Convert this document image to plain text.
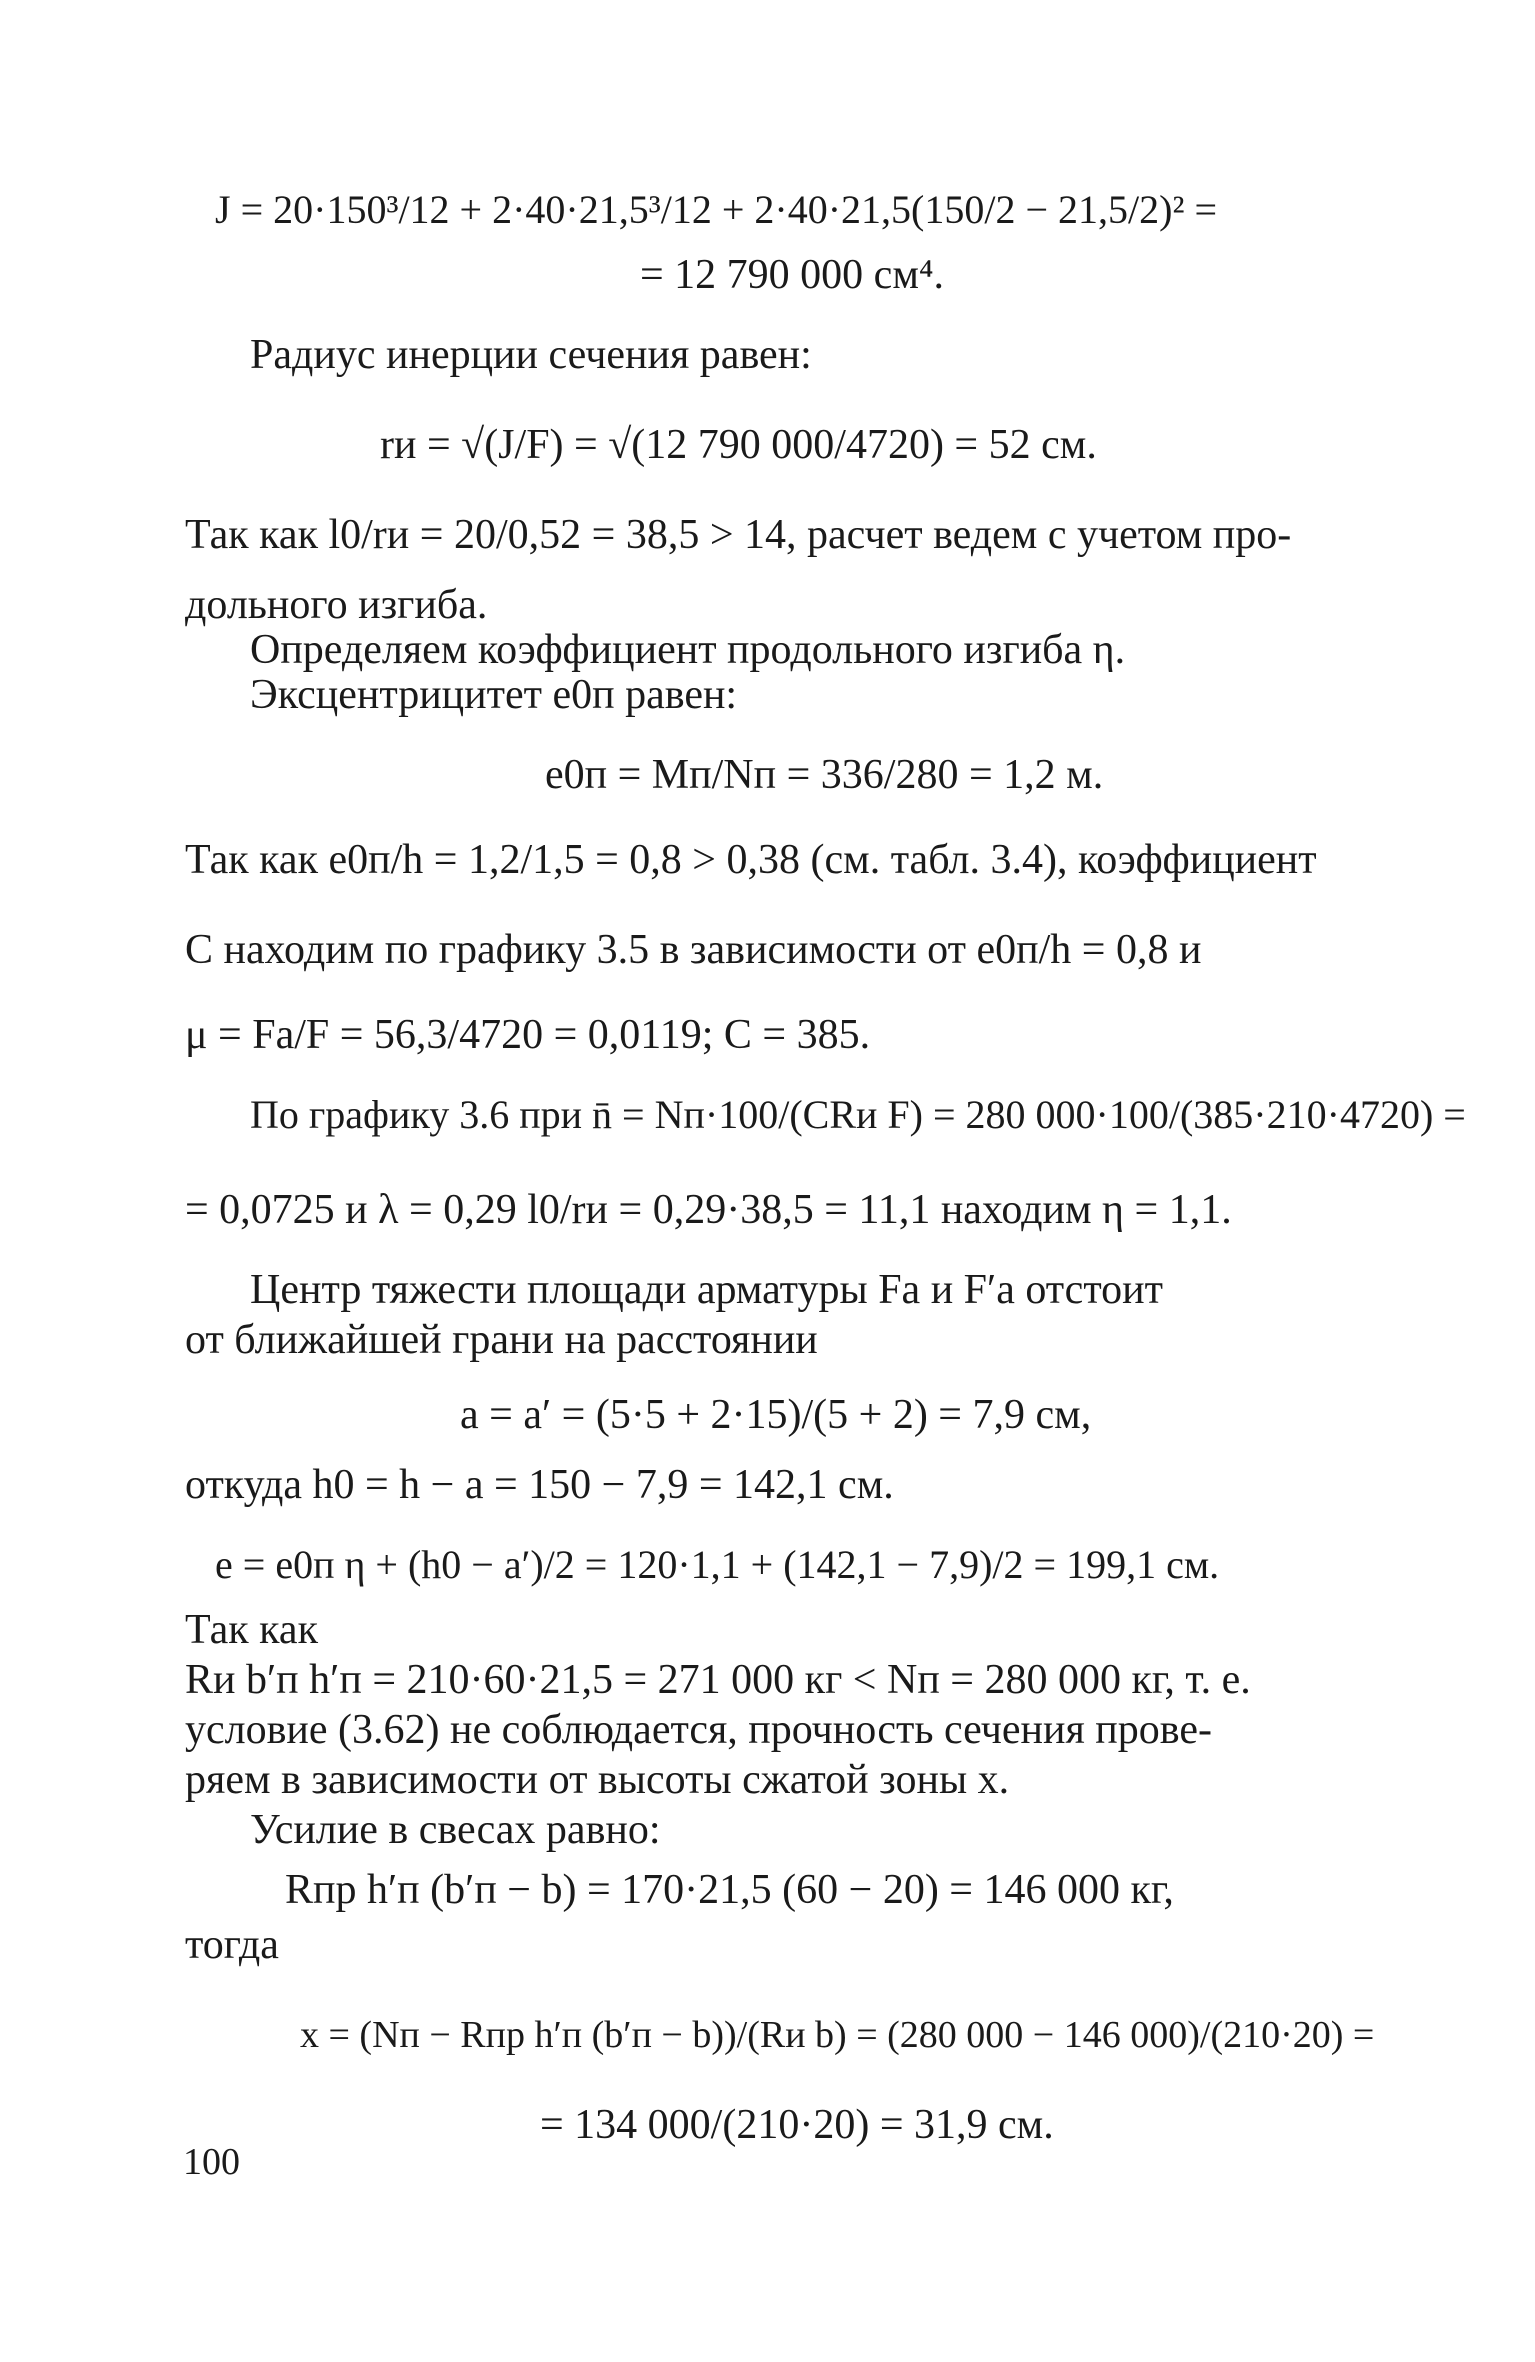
J = 20·150³/12 + 2·40·21,5³/12 + 2·40·21,5(150/2 − 21,5/2)² =
= 12 790 000 см⁴.
Радиус инерции сечения равен:
rи = √(J/F) = √(12 790 000/4720) = 52 см.
Так как l0/rи = 20/0,52 = 38,5 > 14, расчет ведем с учетом про-
дольного изгиба.
Определяем коэффициент продольного изгиба η.
Эксцентрицитет e0п равен:
e0п = Mп/Nп = 336/280 = 1,2 м.
Так как e0п/h = 1,2/1,5 = 0,8 > 0,38 (см. табл. 3.4), коэффициент
C находим по графику 3.5 в зависимости от e0п/h = 0,8 и
μ = Fа/F = 56,3/4720 = 0,0119; C = 385.
По графику 3.6 при n̄ = Nп·100/(CRи F) = 280 000·100/(385·210·4720) =
= 0,0725 и λ = 0,29 l0/rи = 0,29·38,5 = 11,1 находим η = 1,1.
Центр тяжести площади арматуры Fа и F′а отстоит
от ближайшей грани на расстоянии
a = a′ = (5·5 + 2·15)/(5 + 2) = 7,9 см,
откуда h0 = h − a = 150 − 7,9 = 142,1 см.
e = e0п η + (h0 − a′)/2 = 120·1,1 + (142,1 − 7,9)/2 = 199,1 см.
Так как
Rи b′п h′п = 210·60·21,5 = 271 000 кг < Nп = 280 000 кг, т. е.
условие (3.62) не соблюдается, прочность сечения прове-
ряем в зависимости от высоты сжатой зоны x.
Усилие в свесах равно:
Rпр h′п (b′п − b) = 170·21,5 (60 − 20) = 146 000 кг,
тогда
x = (Nп − Rпр h′п (b′п − b))/(Rи b) = (280 000 − 146 000)/(210·20) =
= 134 000/(210·20) = 31,9 см.
100
